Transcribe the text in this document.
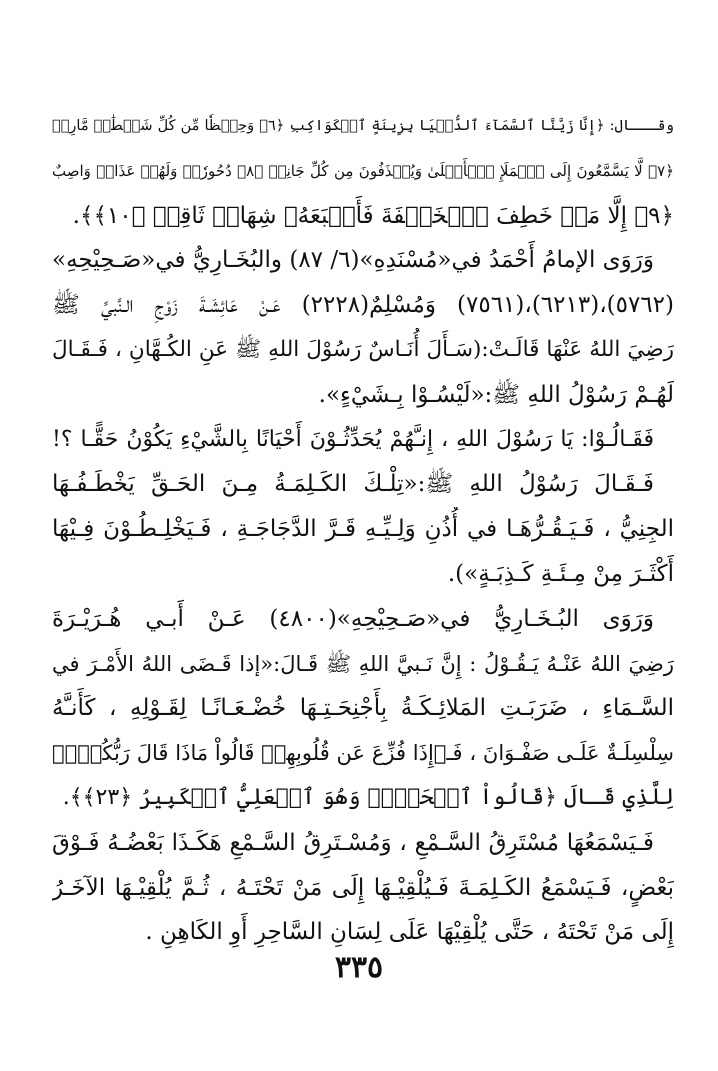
وقـــال: ﴿إِنَّا زَيَّنَّا ٱلسَّمَآءَ ٱلدُّنۡيَا بِزِينَةٍ ٱلۡكَوَاكِبِ ﴿٦﴾ وَحِفۡظٗا مِّن كُلِّ شَيۡطَٰنٖ مَّارِدٖ
﴿٧﴾ لَّا يَسَّمَّعُونَ إِلَى ٱلۡمَلَإِ ٱلۡأَعۡلَىٰ وَيُقۡذَفُونَ مِن كُلِّ جَانِبٖ ﴿٨﴾ دُحُورٗاۖ وَلَهُمۡ عَذَابٞ وَاصِبٌ
﴿٩﴾ إِلَّا مَنۡ خَطِفَ ٱلۡخَطۡفَةَ فَأَتۡبَعَهُۥ شِهَابٞ ثَاقِبٞ ﴿١٠﴾﴾.
وَرَوَى الإمامُ أَحْمَدُ في«مُسْنَدِهِ»(٦/ ٨٧) والبُخَـارِيُّ في«صَـحِيْحِهِ»
(٥٧٦٢)،(٦٢١٣)،(٧٥٦١) وَمُسْلِمٌ(٢٢٢٨) عَـنْ عَائِشَـةَ زَوْجِ الـنَّبيِّ ﷺ
رَضِيَ اللهُ عَنْهَا قَالَـتْ:(سَـأَلَ أُنَـاسٌ رَسُوْلَ اللهِ ﷺ عَنِ الكُـهَّانِ ، فَـقَـالَ
لَهُـمْ رَسُوْلُ اللهِ ﷺ:«لَيْسُـوْا بِـشَيْءٍ».
فَقَـالُـوْا: يَا رَسُوْلَ اللهِ ، إِنـَّهُمْ يُحَدِّثُـوْنَ أَحْيَانًا بِالشَّيْءِ يَكُوْنُ حَقًّـا ؟!
فَـقَـالَ رَسُوْلُ اللهِ ﷺ:«تِلْـكَ الكَـلِمَـةُ مِـنَ الحَـقِّ يَخْطَـفُـهَا
الجِنِيُّ ، فَـيَـقُـرُّهَـا في أُذُنِ وَلِـيِّـهِ قَـرَّ الدَّجَاجَـةِ ، فَـيَخْلِـطُـوْنَ فِـيْهَا
أَكْثَـرَ مِنْ مِـئَـةِ كَـذِبَـةٍ»).
وَرَوَى البُـخَـارِيُّ في«صَـحِيْحِهِ»(٤٨٠٠) عَـنْ أَبـي هُـرَيْـرَةَ
رَضِيَ اللهُ عَنْـهُ يَـقُـوْلُ : إِنَّ نَـبيَّ اللهِ ﷺ قَـالَ:«إذا قَـضَى اللهُ الأَمْـرَ في
السَّـمَاءِ ، ضَرَبَـتِ المَلائِـكَـةُ بِأَجْنِحَـتِـهَا خُضْـعَـانًـا لِقَـوْلِهِ ، كَأَنـَّهُ
سِلْسِلَـةٌ عَلَـى صَفْـوَانَ ، فَـ﴿إِذَا فُزِّعَ عَن قُلُوبِهِمۡ قَالُواْ مَاذَا قَالَ رَبُّكُمۡۖ﴾
لِلَّذِي قَـالَ ﴿قَالُواْ ٱلۡحَقَّۖ وَهُوَ ٱلۡعَلِيُّ ٱلۡكَبِيرُ ﴿٢٣﴾﴾.
فَـيَسْمَعُهَا مُسْتَرِقُ السَّـمْعِ ، وَمُسْـتَرِقُ السَّـمْعِ هَكَـذَا بَعْضُـهُ فَـوْقَ
بَعْضٍ، فَـيَسْمَعُ الكَـلِمَـةَ فَـيُلْقِيْـهَا إِلَى مَنْ تَحْتَـهُ ، ثُـمَّ يُلْقِيْـهَا الآخَـرُ
إِلَى مَنْ تَحْتَهُ ، حَتَّى يُلْقِيْهَا عَلَى لِسَانِ السَّاحِرِ أَوِ الكَاهِنِ .
٣٣٥
